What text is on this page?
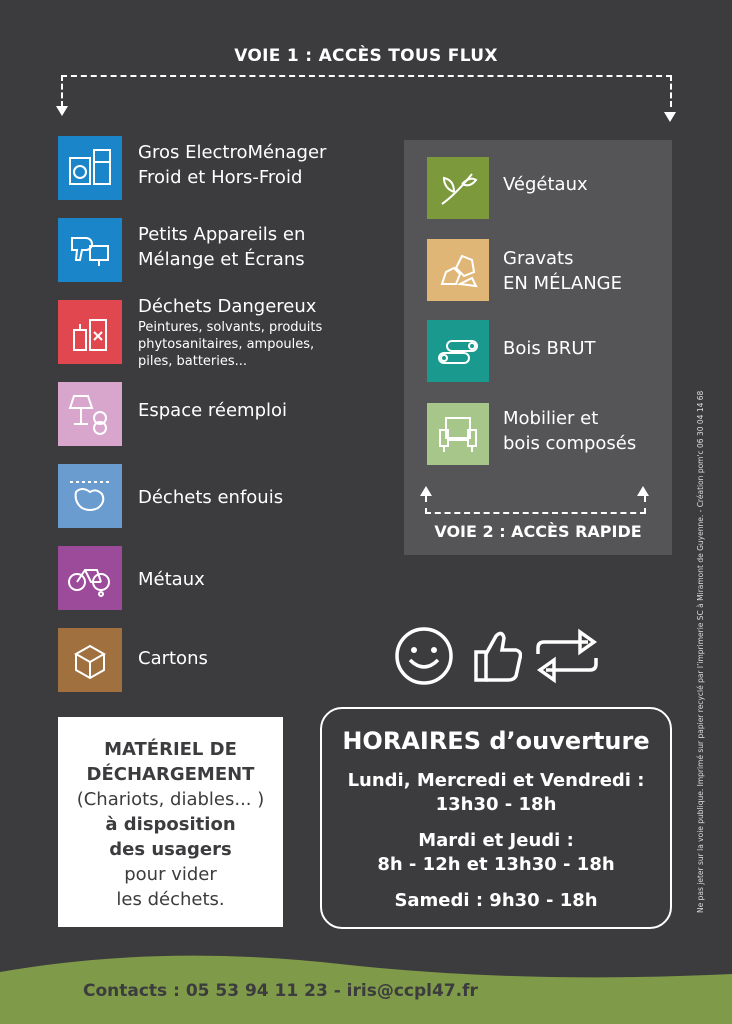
VOIE 1 : ACCÈS TOUS FLUX
Gros ElectroMénager
Froid et Hors-Froid
Petits Appareils en
Mélange et Écrans
Déchets Dangereux
Peintures, solvants, produits
phytosanitaires, ampoules,
piles, batteries...
Espace réemploi
Déchets enfouis
Métaux
Cartons
Végétaux
Gravats
EN MÉLANGE
Bois BRUT
Mobilier et
bois composés
VOIE 2 : ACCÈS RAPIDE
MATÉRIEL DE
DÉCHARGEMENT
(Chariots, diables... )
à disposition
des usagers
pour vider
les déchets.
HORAIRES d’ouverture
Lundi, Mercredi et Vendredi :
13h30 - 18h
Mardi et Jeudi :
8h - 12h et 13h30 - 18h
Samedi : 9h30 - 18h	Ne pas jeter sur la voie publique. Imprimé sur papier recyclé par l’imprimerie SC à Miramont de Guyenne. - Création pom'c 06 30 04 14 68
Contacts : 05 53 94 11 23 - iris@ccpl47.fr
